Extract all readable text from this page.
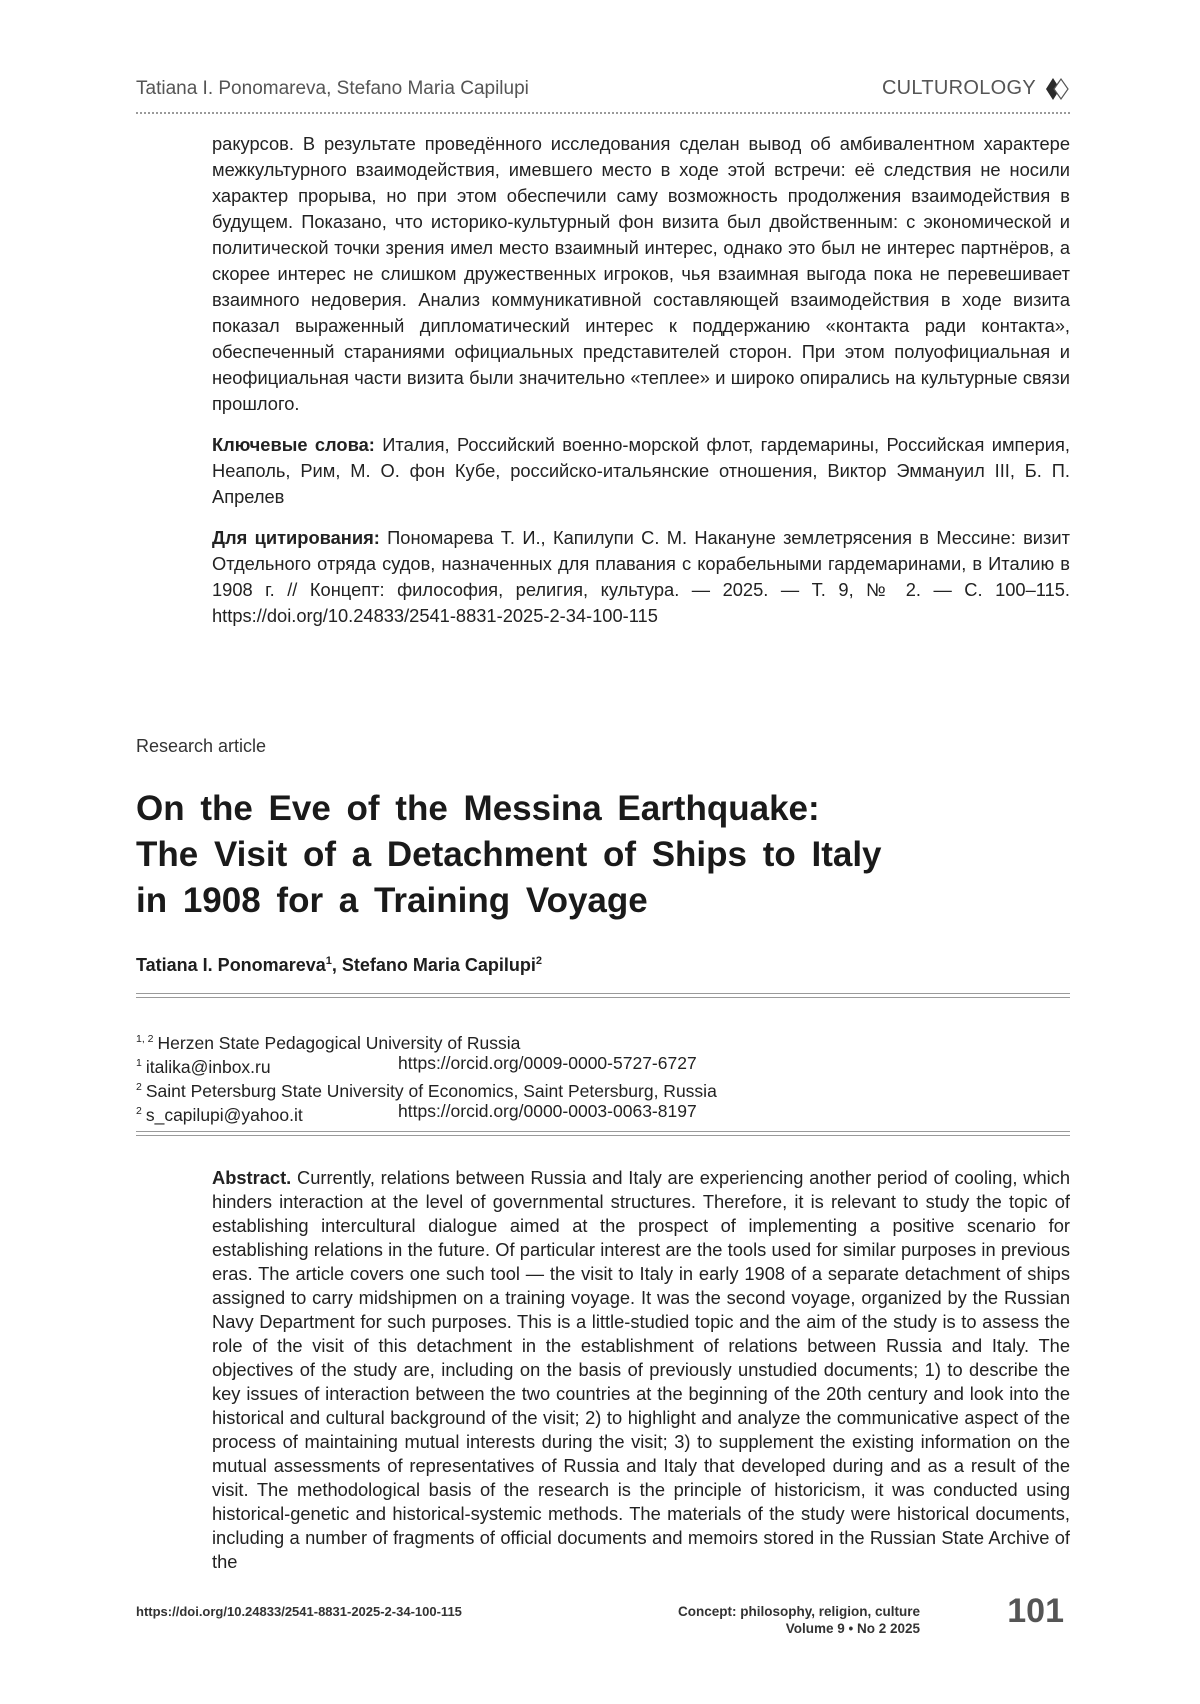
Tatiana I. Ponomareva, Stefano Maria Capilupi	CULTUROLOGY

ракурсов. В результате проведённого исследования сделан вывод об амбивалентном характере межкультурного взаимодействия, имевшего место в ходе этой встречи: её следствия не носили характер прорыва, но при этом обеспечили саму возможность продолжения взаимодействия в будущем. Показано, что историко-культурный фон визита был двойственным: с экономической и политической точки зрения имел место взаимный интерес, однако это был не интерес партнёров, а скорее интерес не слишком дружественных игроков, чья взаимная выгода пока не перевешивает взаимного недоверия. Анализ коммуникативной составляющей взаимодействия в ходе визита показал выраженный дипломатический интерес к поддержанию «контакта ради контакта», обеспеченный стараниями официальных представителей сторон. При этом полуофициальная и неофициальная части визита были значительно «теплее» и широко опирались на культурные связи прошлого.

Ключевые слова: Италия, Российский военно-морской флот, гардемарины, Российская империя, Неаполь, Рим, М. О. фон Кубе, российско-итальянские отношения, Виктор Эммануил III, Б. П. Апрелев

Для цитирования: Пономарева Т. И., Капилупи С. М. Накануне землетрясения в Мессине: визит Отдельного отряда судов, назначенных для плавания с корабельными гардемаринами, в Италию в 1908 г. // Концепт: философия, религия, культура. — 2025. — Т. 9, № 2. — С. 100–115. https://doi.org/10.24833/2541-8831-2025-2-34-100-115

Research article
On the Eve of the Messina Earthquake:
The Visit of a Detachment of Ships to Italy
in 1908 for a Training Voyage
Tatiana I. Ponomareva$^1$, Stefano Maria Capilupi$^2$
$^{1, 2}$ Herzen State Pedagogical University of Russia
$^1$ italika@inbox.ru	https://orcid.org/0009-0000-5727-6727
$^2$ Saint Petersburg State University of Economics, Saint Petersburg, Russia
$^2$ s_capilupi@yahoo.it	https://orcid.org/0000-0003-0063-8197
Abstract. Currently, relations between Russia and Italy are experiencing another period of cooling, which hinders interaction at the level of governmental structures. Therefore, it is relevant to study the topic of establishing intercultural dialogue aimed at the prospect of implementing a positive scenario for establishing relations in the future. Of particular interest are the tools used for similar purposes in previous eras. The article covers one such tool — the visit to Italy in early 1908 of a separate detachment of ships assigned to carry midshipmen on a training voyage. It was the second voyage, organized by the Russian Navy Department for such purposes. This is a little-studied topic and the aim of the study is to assess the role of the visit of this detachment in the establishment of relations between Russia and Italy. The objectives of the study are, including on the basis of previously unstudied documents; 1) to describe the key issues of interaction between the two countries at the beginning of the 20th century and look into the historical and cultural background of the visit; 2) to highlight and analyze the communicative aspect of the process of maintaining mutual interests during the visit; 3) to supplement the existing information on the mutual assessments of representatives of Russia and Italy that developed during and as a result of the visit. The methodological basis of the research is the principle of historicism, it was conducted using historical-genetic and historical-systemic methods. The materials of the study were historical documents, including a number of fragments of official documents and memoirs stored in the Russian State Archive of the
https://doi.org/10.24833/2541-8831-2025-2-34-100-115	Concept: philosophy, religion, culture
Volume 9 • No 2 2025	101
